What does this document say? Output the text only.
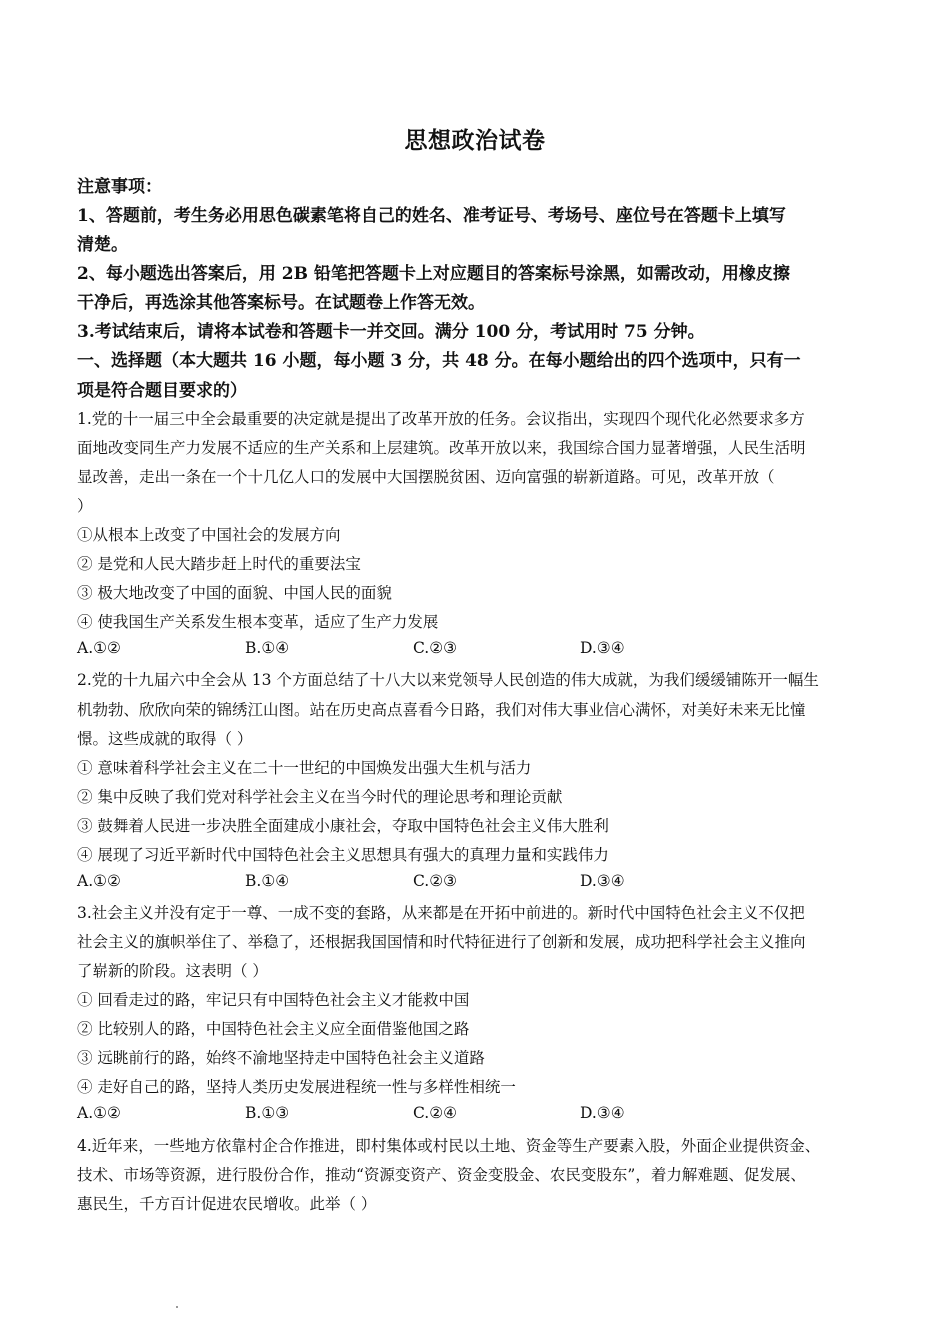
思想政治试卷
注意事项：
1、答题前，考生务必用思色碳素笔将自己的姓名、准考证号、考场号、座位号在答题卡上填写
清楚。
2、每小题选出答案后，用 2B 铅笔把答题卡上对应题目的答案标号涂黑，如需改动，用橡皮擦
干净后，再选涂其他答案标号。在试题卷上作答无效。
3.考试结束后，请将本试卷和答题卡一并交回。满分 100 分，考试用时 75 分钟。
一、选择题（本大题共 16 小题，每小题 3 分，共 48 分。在每小题给出的四个选项中，只有一
项是符合题目要求的）
1.党的十一届三中全会最重要的决定就是提出了改革开放的任务。会议指出，实现四个现代化必然要求多方
面地改变同生产力发展不适应的生产关系和上层建筑。改革开放以来，我国综合国力显著增强，人民生活明
显改善，走出一条在一个十几亿人口的发展中大国摆脱贫困、迈向富强的崭新道路。可见，改革开放（
）
①从根本上改变了中国社会的发展方向
② 是党和人民大踏步赶上时代的重要法宝
③ 极大地改变了中国的面貌、中国人民的面貌
④ 使我国生产关系发生根本变革，适应了生产力发展
A.①②	B.①④	C.②③	D.③④
2.党的十九届六中全会从 13 个方面总结了十八大以来党领导人民创造的伟大成就，为我们缓缓铺陈开一幅生
机勃勃、欣欣向荣的锦绣江山图。站在历史高点喜看今日路，我们对伟大事业信心满怀，对美好未来无比憧
憬。这些成就的取得（ ）
① 意味着科学社会主义在二十一世纪的中国焕发出强大生机与活力
② 集中反映了我们党对科学社会主义在当今时代的理论思考和理论贡献
③ 鼓舞着人民进一步决胜全面建成小康社会，夺取中国特色社会主义伟大胜利
④ 展现了习近平新时代中国特色社会主义思想具有强大的真理力量和实践伟力
A.①②	B.①④	C.②③	D.③④
3.社会主义并没有定于一尊、一成不变的套路，从来都是在开拓中前进的。新时代中国特色社会主义不仅把
社会主义的旗帜举住了、举稳了，还根据我国国情和时代特征进行了创新和发展，成功把科学社会主义推向
了崭新的阶段。这表明（ ）
① 回看走过的路，牢记只有中国特色社会主义才能救中国
② 比较别人的路，中国特色社会主义应全面借鉴他国之路
③ 远眺前行的路，始终不渝地坚持走中国特色社会主义道路
④ 走好自己的路，坚持人类历史发展进程统一性与多样性相统一
A.①②	B.①③	C.②④	D.③④
4.近年来，一些地方依靠村企合作推进，即村集体或村民以土地、资金等生产要素入股，外面企业提供资金、
技术、市场等资源，进行股份合作，推动“资源变资产、资金变股金、农民变股东”，着力解难题、促发展、
惠民生，千方百计促进农民增收。此举（ ）
